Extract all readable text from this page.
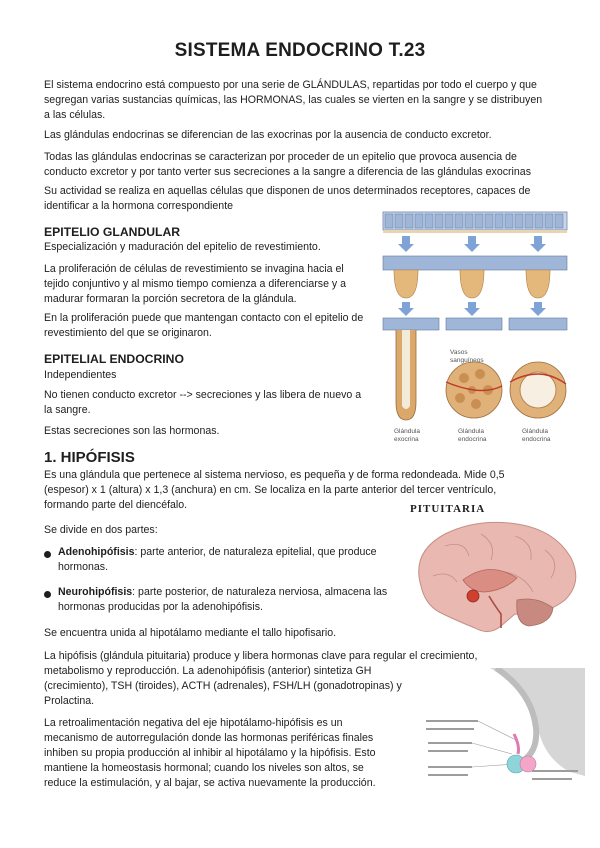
SISTEMA ENDOCRINO T.23

El sistema endocrino está compuesto por una serie de GLÁNDULAS, repartidas por todo el cuerpo y que
segregan varias sustancias químicas, las HORMONAS, las cuales se vierten en la sangre y se distribuyen
a las células.

Las glándulas endocrinas se diferencian de las exocrinas por la ausencia de conducto excretor.

Todas las glándulas endocrinas se caracterizan por proceder de un epitelio que provoca ausencia de
conducto excretor y por tanto verter sus secreciones a la sangre a diferencia de las glándulas exocrinas

Su actividad se realiza en aquellas células que disponen de unos determinados receptores, capaces de
identificar a la hormona correspondiente

EPITELIO GLANDULAR

Especialización y maduración del epitelio de revestimiento.

La proliferación de células de revestimiento se invagina hacia el
tejido conjuntivo y al mismo tiempo comienza a diferenciarse y a
madurar formaran la porción secretora de la glándula.

En la proliferación puede que mantengan contacto con el epitelio de
revestimiento del que se originaron.

EPITELIAL ENDOCRINO

Independientes

No tienen conducto excretor --> secreciones y las libera de nuevo a
la sangre.

Estas secreciones son las hormonas.

Vasos
sanguíneos
Glándula
exocrina
Glándula
endocrina
Glándula
endocrina
1. HIPÓFISIS

Es una glándula que pertenece al sistema nervioso, es pequeña y de forma redondeada. Mide 0,5
(espesor) x 1 (altura) x 1,3 (anchura) en cm. Se localiza en la parte anterior del tercer ventrículo,
formando parte del diencéfalo.

Se divide en dos partes:

Adenohipófisis: parte anterior, de naturaleza epitelial, que produce
hormonas.

Neurohipófisis: parte posterior, de naturaleza nerviosa, almacena las
hormonas producidas por la adenohipófisis.

Se encuentra unida al hipotálamo mediante el tallo hipofisario.

La hipófisis (glándula pituitaria) produce y libera hormonas clave para regular el crecimiento,
metabolismo y reproducción. La adenohipófisis (anterior) sintetiza GH
(crecimiento), TSH (tiroides), ACTH (adrenales), FSH/LH (gonadotropinas) y
Prolactina.

La retroalimentación negativa del eje hipotálamo-hipófisis es un
mecanismo de autorregulación donde las hormonas periféricas finales
inhiben su propia producción al inhibir al hipotálamo y la hipófisis. Esto
mantiene la homeostasis hormonal; cuando los niveles son altos, se
reduce la estimulación, y al bajar, se activa nuevamente la producción.

PITUITARIA
